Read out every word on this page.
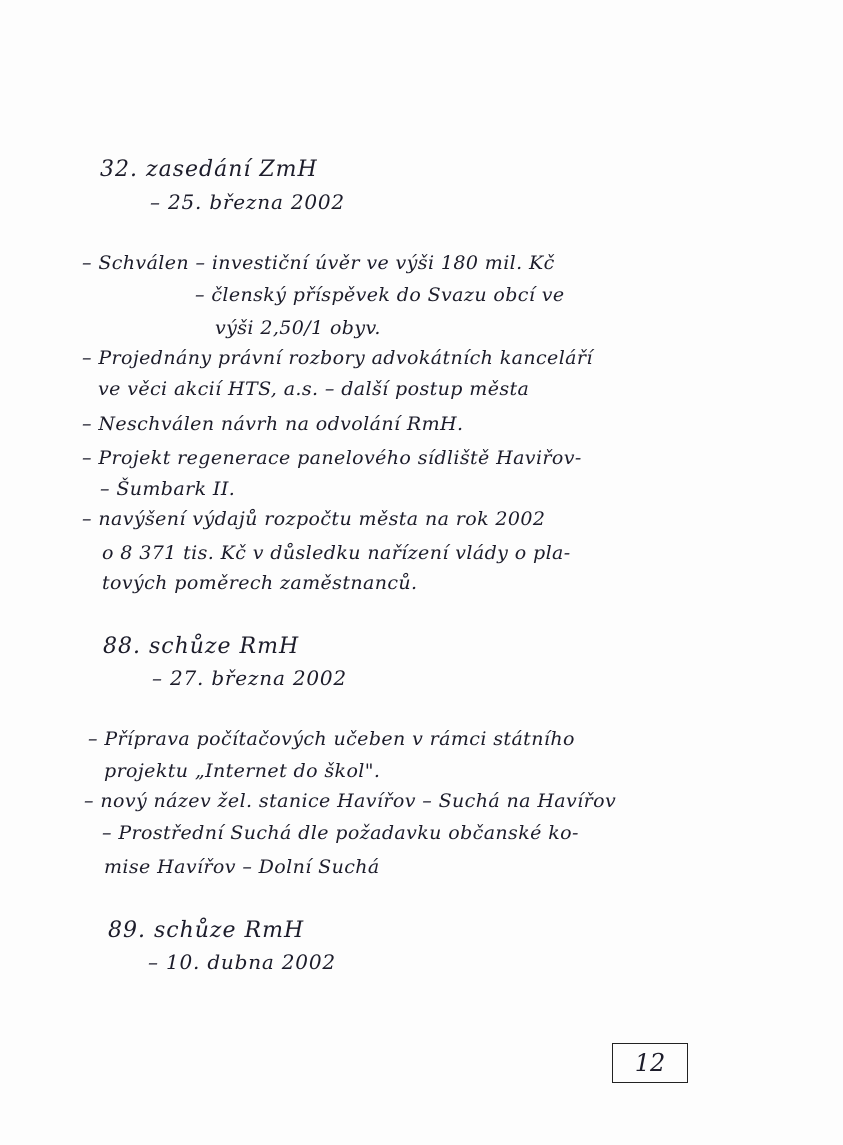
32. zasedání ZmH
– 25. března 2002
– Schválen – investiční úvěr ve výši 180 mil. Kč
– členský příspěvek do Svazu obcí ve
výši 2,50/1 obyv.
– Projednány právní rozbory advokátních kanceláří
ve věci akcií HTS, a.s. – další postup města
– Neschválen návrh na odvolání RmH.
– Projekt regenerace panelového sídliště Haviřov-
– Šumbark II.
– navýšení výdajů rozpočtu města na rok 2002
o 8 371 tis. Kč v důsledku nařízení vlády o pla-
tových poměrech zaměstnanců.
88. schůze RmH
– 27. března 2002
– Příprava počítačových učeben v rámci státního
projektu „Internet do škol".
– nový název žel. stanice Havířov – Suchá na Havířov
– Prostřední Suchá dle požadavku občanské ko-
mise Havířov – Dolní Suchá
89. schůze RmH
– 10. dubna 2002
12
